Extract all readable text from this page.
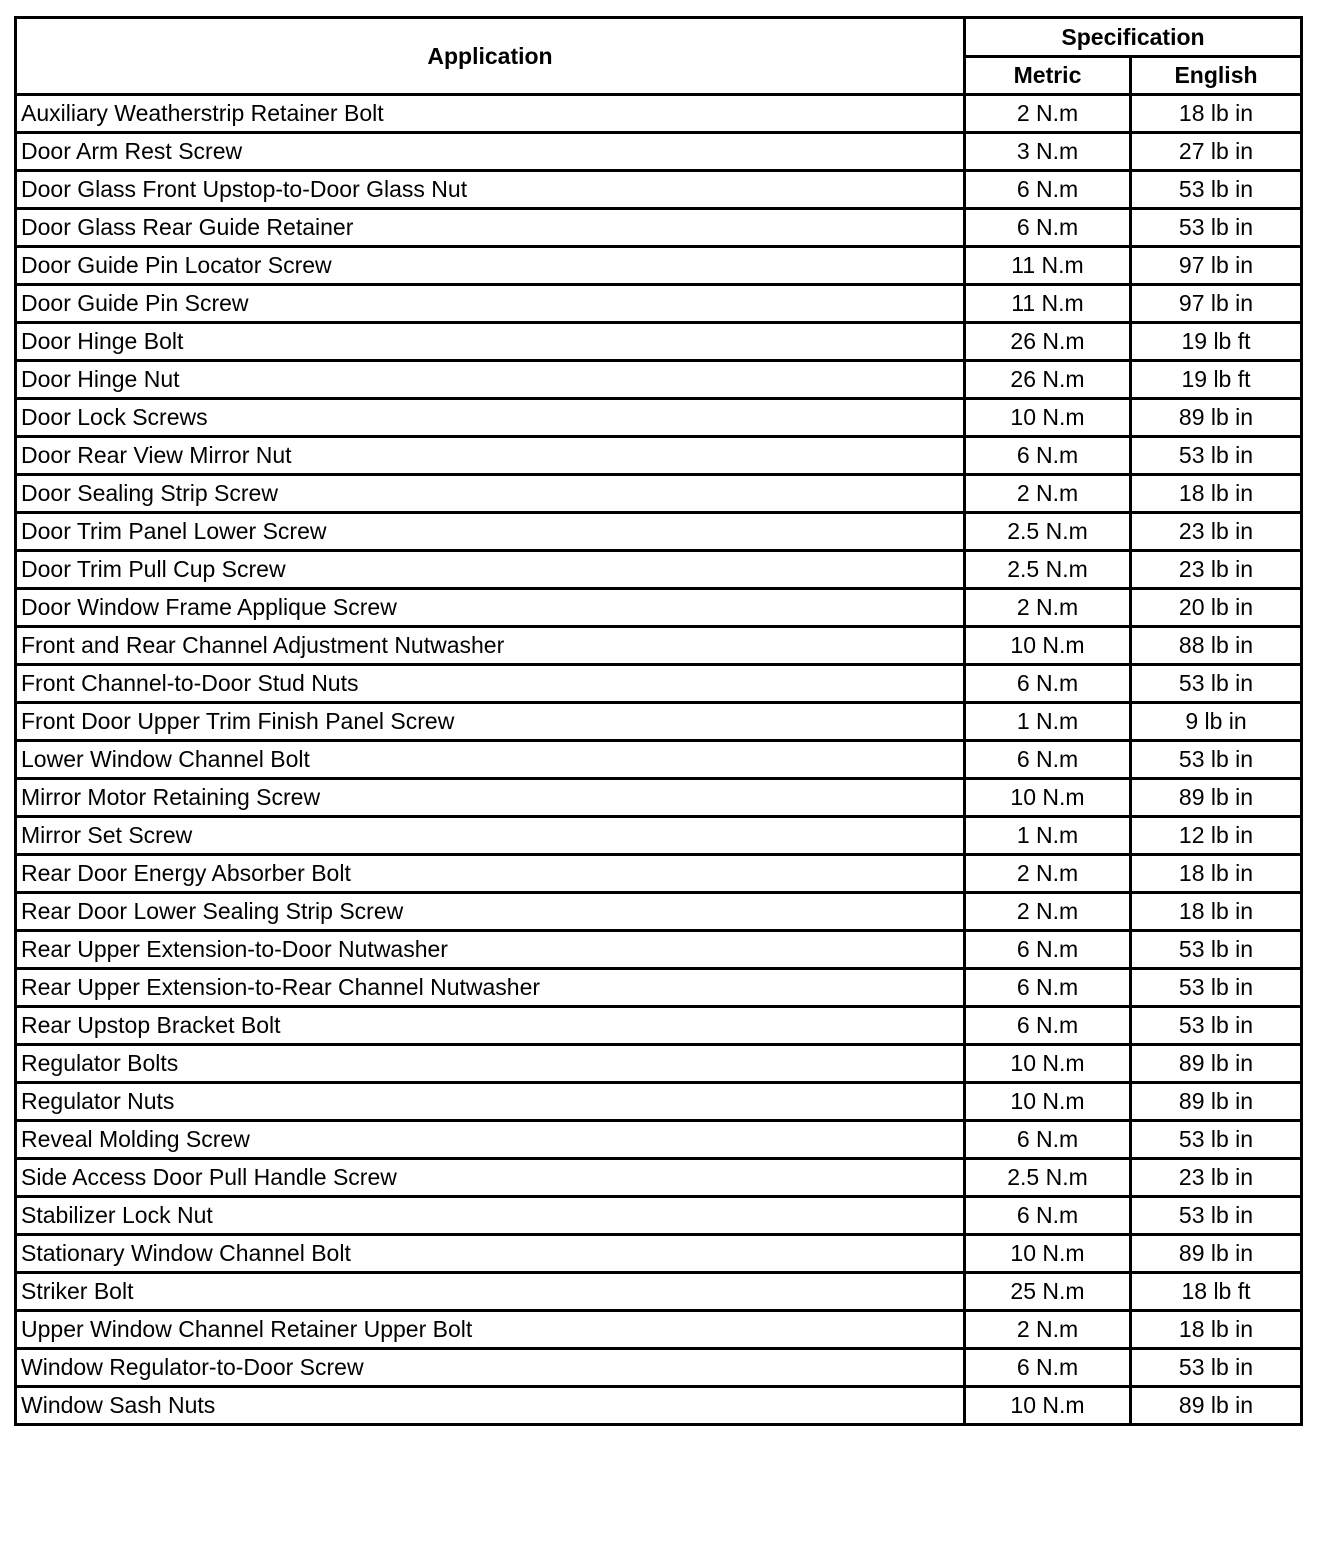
Application	Specification	
	Metric	English
Auxiliary Weatherstrip Retainer Bolt	2 N.m	18 lb in
Door Arm Rest Screw	3 N.m	27 lb in
Door Glass Front Upstop-to-Door Glass Nut	6 N.m	53 lb in
Door Glass Rear Guide Retainer	6 N.m	53 lb in
Door Guide Pin Locator Screw	11 N.m	97 lb in
Door Guide Pin Screw	11 N.m	97 lb in
Door Hinge Bolt	26 N.m	19 lb ft
Door Hinge Nut	26 N.m	19 lb ft
Door Lock Screws	10 N.m	89 lb in
Door Rear View Mirror Nut	6 N.m	53 lb in
Door Sealing Strip Screw	2 N.m	18 lb in
Door Trim Panel Lower Screw	2.5 N.m	23 lb in
Door Trim Pull Cup Screw	2.5 N.m	23 lb in
Door Window Frame Applique Screw	2 N.m	20 lb in
Front and Rear Channel Adjustment Nutwasher	10 N.m	88 lb in
Front Channel-to-Door Stud Nuts	6 N.m	53 lb in
Front Door Upper Trim Finish Panel Screw	1 N.m	9 lb in
Lower Window Channel Bolt	6 N.m	53 lb in
Mirror Motor Retaining Screw	10 N.m	89 lb in
Mirror Set Screw	1 N.m	12 lb in
Rear Door Energy Absorber Bolt	2 N.m	18 lb in
Rear Door Lower Sealing Strip Screw	2 N.m	18 lb in
Rear Upper Extension-to-Door Nutwasher	6 N.m	53 lb in
Rear Upper Extension-to-Rear Channel Nutwasher	6 N.m	53 lb in
Rear Upstop Bracket Bolt	6 N.m	53 lb in
Regulator Bolts	10 N.m	89 lb in
Regulator Nuts	10 N.m	89 lb in
Reveal Molding Screw	6 N.m	53 lb in
Side Access Door Pull Handle Screw	2.5 N.m	23 lb in
Stabilizer Lock Nut	6 N.m	53 lb in
Stationary Window Channel Bolt	10 N.m	89 lb in
Striker Bolt	25 N.m	18 lb ft
Upper Window Channel Retainer Upper Bolt	2 N.m	18 lb in
Window Regulator-to-Door Screw	6 N.m	53 lb in
Window Sash Nuts	10 N.m	89 lb in
